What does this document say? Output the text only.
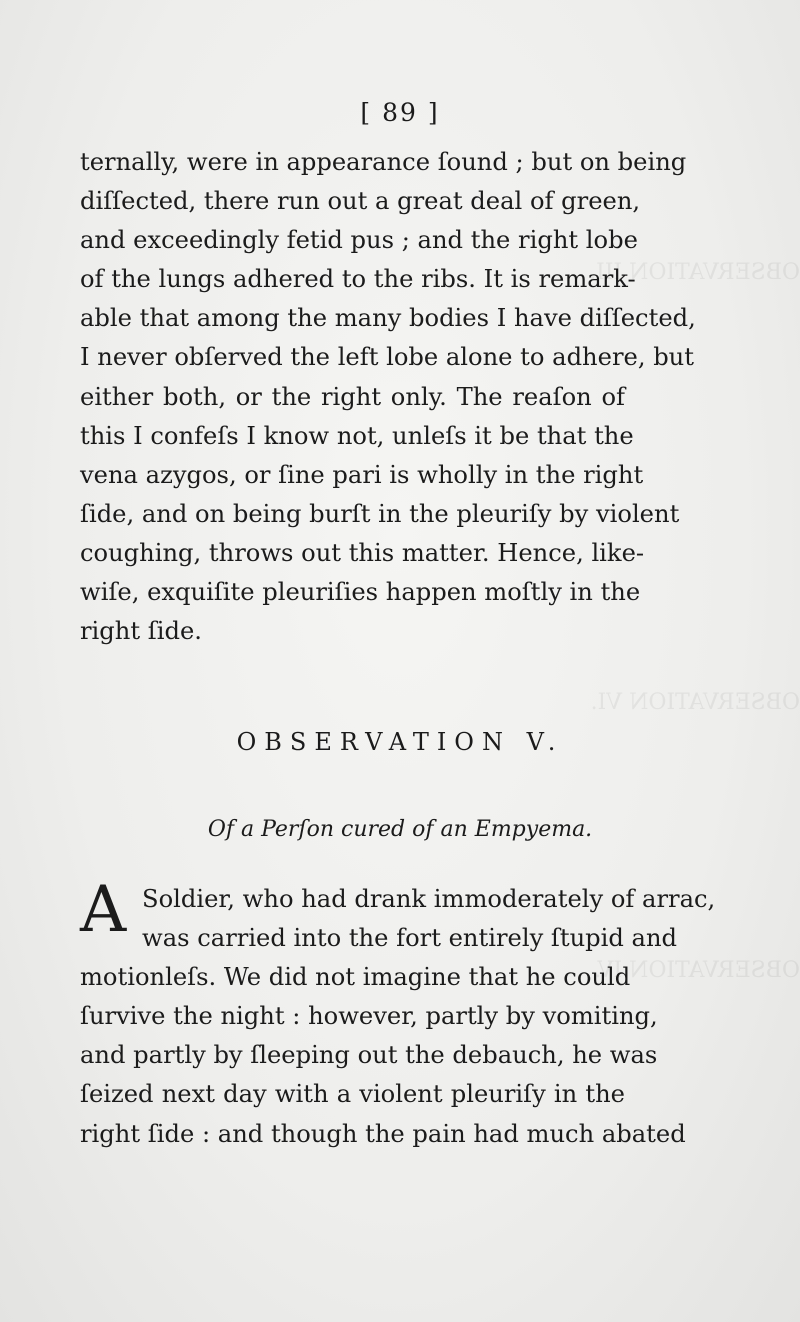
OBSERVATION III.
OBSERVATION VI.
OBSERVATION IV.
[ 89 ]
ternally, were in appearance ſound ; but on being
diſſected, there run out a great deal of green,
and exceedingly fetid pus ; and the right lobe
of the lungs adhered to the ribs. It is remark-
able that among the many bodies I have diſſected,
I never obſerved the left lobe alone to adhere, but
either both, or the right only. The reaſon of
this I confeſs I know not, unleſs it be that the
vena azygos, or ſine pari is wholly in the right
ſide, and on being burſt in the pleuriſy by violent
coughing, throws out this matter. Hence, like-
wiſe, exquiſite pleuriſies happen moſtly in the
right ſide.
OBSERVATION V.
Of a Perſon cured of an Empyema.
A Soldier, who had drank immoderately of arrac,
was carried into the fort entirely ſtupid and
motionleſs. We did not imagine that he could
ſurvive the night : however, partly by vomiting,
and partly by ſleeping out the debauch, he was
ſeized next day with a violent pleuriſy in the
right ſide : and though the pain had much abated
